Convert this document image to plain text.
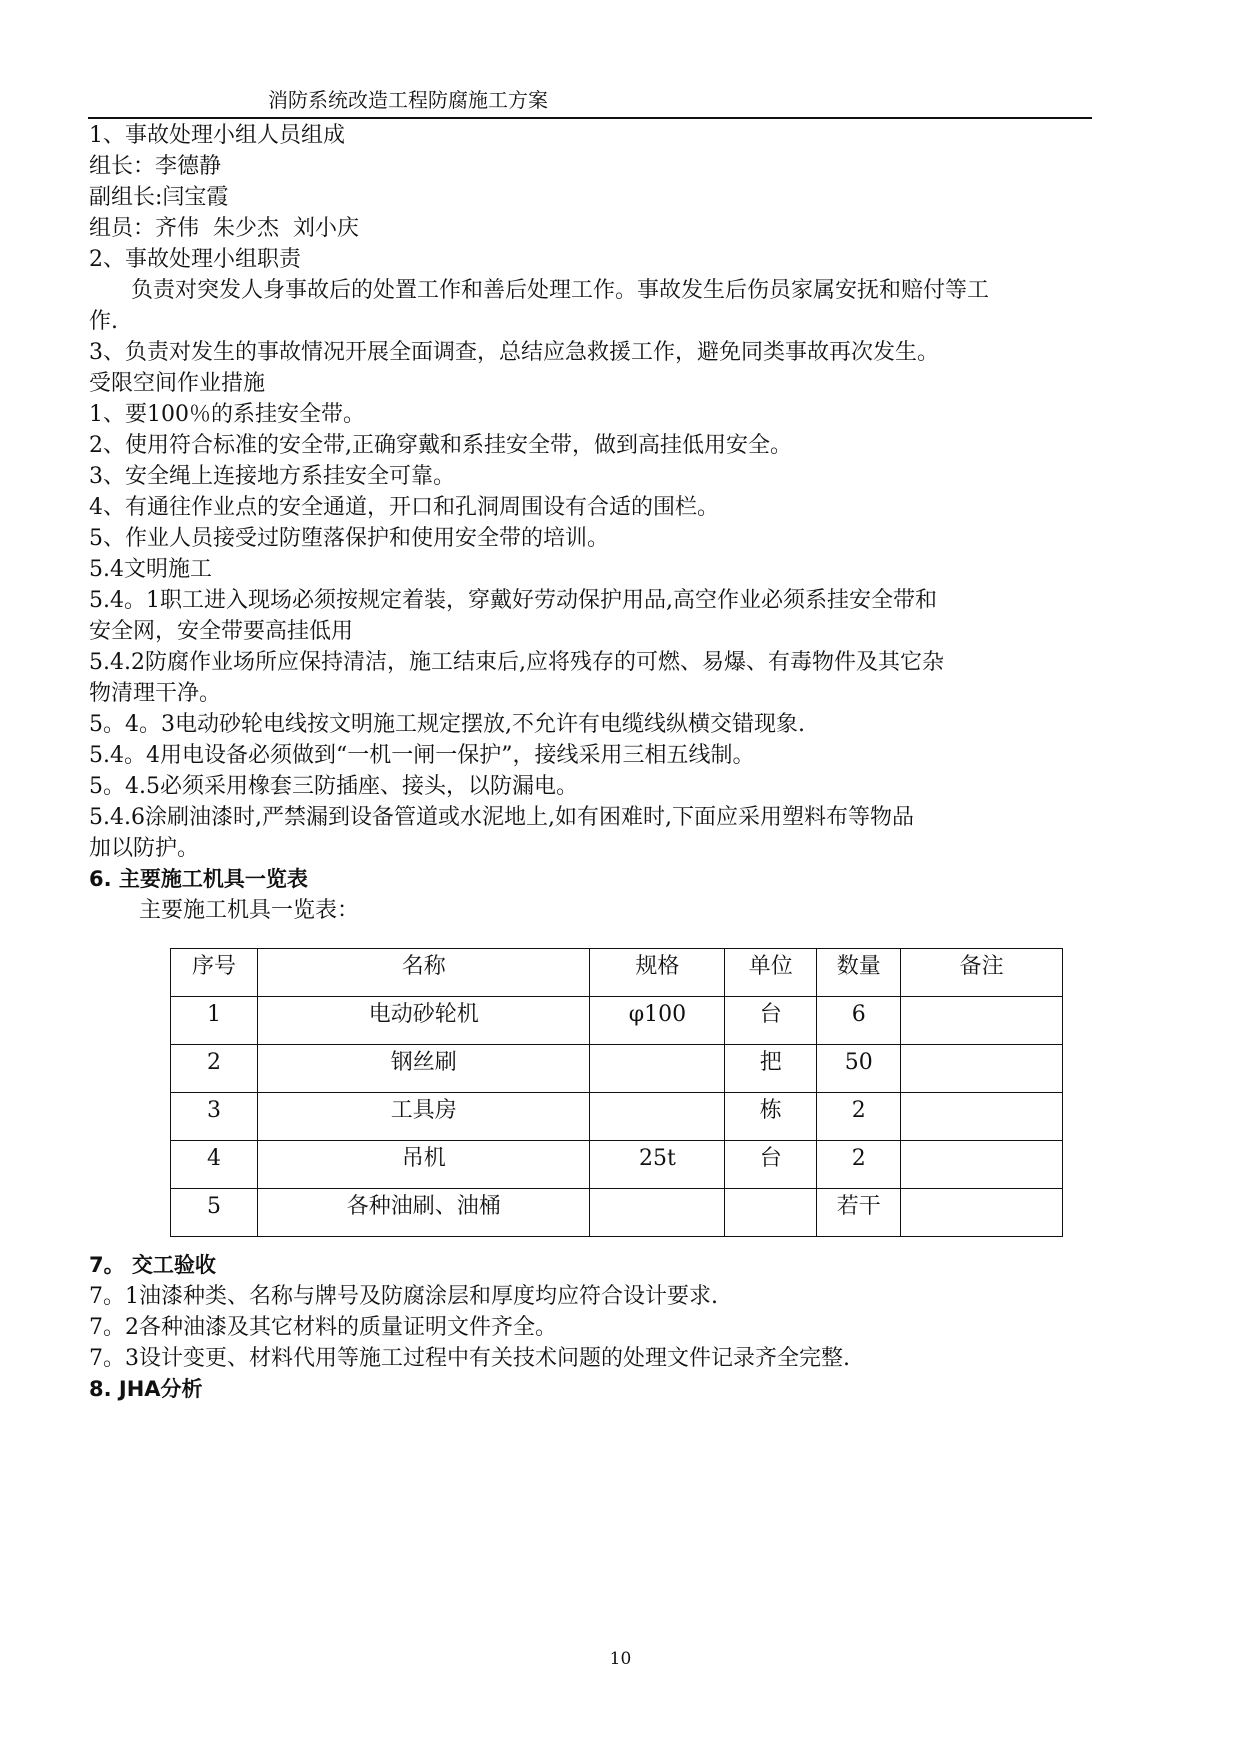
消防系统改造工程防腐施工方案

1、事故处理小组人员组成

组长：李德静

副组长:闫宝霞

组员：齐伟  朱少杰  刘小庆

2、事故处理小组职责

负责对突发人身事故后的处置工作和善后处理工作。事故发生后伤员家属安抚和赔付等工

作.

3、负责对发生的事故情况开展全面调查，总结应急救援工作，避免同类事故再次发生。

受限空间作业措施

1、要100％的系挂安全带。

2、使用符合标准的安全带,正确穿戴和系挂安全带，做到高挂低用安全。

3、安全绳上连接地方系挂安全可靠。

4、有通往作业点的安全通道，开口和孔洞周围设有合适的围栏。

5、作业人员接受过防堕落保护和使用安全带的培训。

5.4文明施工

5.4。1职工进入现场必须按规定着装，穿戴好劳动保护用品,高空作业必须系挂安全带和

安全网，安全带要高挂低用

5.4.2防腐作业场所应保持清洁，施工结束后,应将残存的可燃、易爆、有毒物件及其它杂

物清理干净。

5。4。3电动砂轮电线按文明施工规定摆放,不允许有电缆线纵横交错现象.

5.4。4用电设备必须做到“一机一闸一保护”，接线采用三相五线制。

5。4.5必须采用橡套三防插座、接头，以防漏电。

5.4.6涂刷油漆时,严禁漏到设备管道或水泥地上,如有困难时,下面应采用塑料布等物品

加以防护。

6. 主要施工机具一览表

主要施工机具一览表：

序号	名称	规格	单位	数量	备注
1	电动砂轮机	φ100	台	6	
2	钢丝刷		把	50	
3	工具房		栋	2	
4	吊机	25t	台	2	
5	各种油刷、油桶			若干	

7。 交工验收

7。1油漆种类、名称与牌号及防腐涂层和厚度均应符合设计要求.

7。2各种油漆及其它材料的质量证明文件齐全。

7。3设计变更、材料代用等施工过程中有关技术问题的处理文件记录齐全完整.

8. JHA分析

10
